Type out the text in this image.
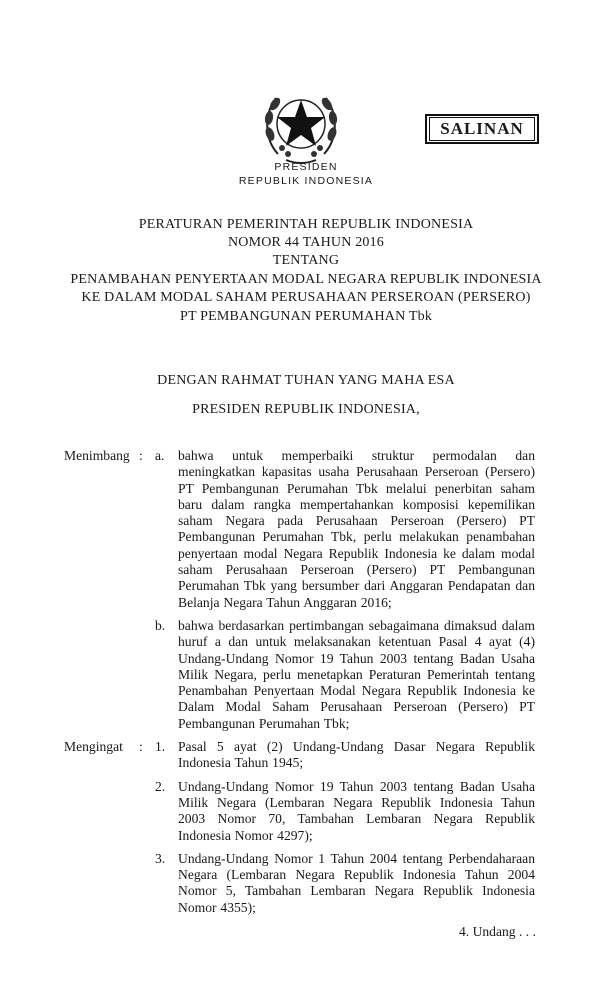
SALINAN
PRESIDEN
REPUBLIK INDONESIA
PERATURAN PEMERINTAH REPUBLIK INDONESIA
NOMOR 44 TAHUN 2016
TENTANG
PENAMBAHAN PENYERTAAN MODAL NEGARA REPUBLIK INDONESIA
KE DALAM MODAL SAHAM PERUSAHAAN PERSEROAN (PERSERO)
PT PEMBANGUNAN PERUMAHAN Tbk
DENGAN RAHMAT TUHAN YANG MAHA ESA
PRESIDEN REPUBLIK INDONESIA,
Menimbang : a. bahwa untuk memperbaiki struktur permodalan dan meningkatkan kapasitas usaha Perusahaan Perseroan (Persero) PT Pembangunan Perumahan Tbk melalui penerbitan saham baru dalam rangka mempertahankan komposisi kepemilikan saham Negara pada Perusahaan Perseroan (Persero) PT Pembangunan Perumahan Tbk, perlu melakukan penambahan penyertaan modal Negara Republik Indonesia ke dalam modal saham Perusahaan Perseroan (Persero) PT Pembangunan Perumahan Tbk yang bersumber dari Anggaran Pendapatan dan Belanja Negara Tahun Anggaran 2016;
b. bahwa berdasarkan pertimbangan sebagaimana dimaksud dalam huruf a dan untuk melaksanakan ketentuan Pasal 4 ayat (4) Undang-Undang Nomor 19 Tahun 2003 tentang Badan Usaha Milik Negara, perlu menetapkan Peraturan Pemerintah tentang Penambahan Penyertaan Modal Negara Republik Indonesia ke Dalam Modal Saham Perusahaan Perseroan (Persero) PT Pembangunan Perumahan Tbk;
Mengingat : 1. Pasal 5 ayat (2) Undang-Undang Dasar Negara Republik Indonesia Tahun 1945;
2. Undang-Undang Nomor 19 Tahun 2003 tentang Badan Usaha Milik Negara (Lembaran Negara Republik Indonesia Tahun 2003 Nomor 70, Tambahan Lembaran Negara Republik Indonesia Nomor 4297);
3. Undang-Undang Nomor 1 Tahun 2004 tentang Perbendaharaan Negara (Lembaran Negara Republik Indonesia Tahun 2004 Nomor 5, Tambahan Lembaran Negara Republik Indonesia Nomor 4355);
4. Undang . . .
